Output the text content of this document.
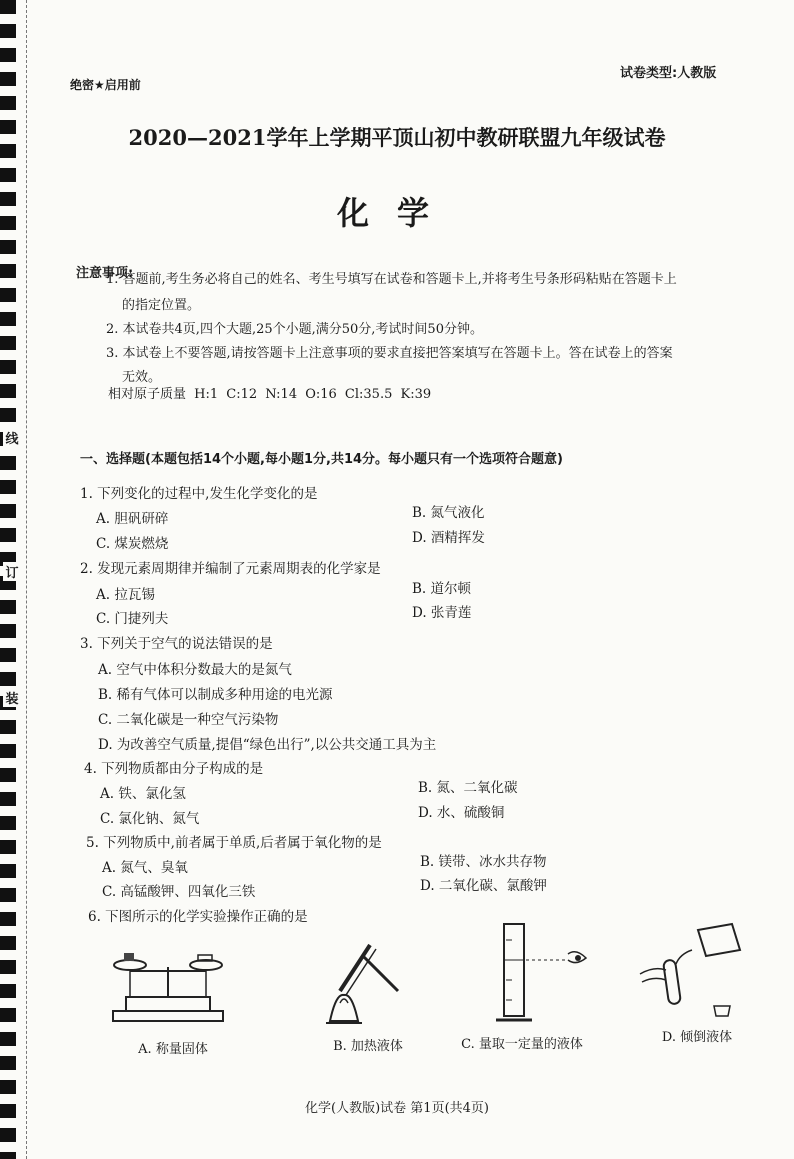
线
订
装
绝密★启用前
试卷类型:人教版
2020—2021学年上学期平顶山初中教研联盟九年级试卷
化学
注意事项:
1. 答题前,考生务必将自己的姓名、考生号填写在试卷和答题卡上,并将考生号条形码粘贴在答题卡上
的指定位置。
2. 本试卷共4页,四个大题,25个小题,满分50分,考试时间50分钟。
3. 本试卷上不要答题,请按答题卡上注意事项的要求直接把答案填写在答题卡上。答在试卷上的答案
无效。
相对原子质量 H:1 C:12 N:14 O:16 Cl:35.5 K:39
一、选择题(本题包括14个小题,每小题1分,共14分。每小题只有一个选项符合题意)
1. 下列变化的过程中,发生化学变化的是
A. 胆矾研碎	B. 氮气液化
C. 煤炭燃烧	D. 酒精挥发
2. 发现元素周期律并编制了元素周期表的化学家是
A. 拉瓦锡	B. 道尔顿
C. 门捷列夫	D. 张青莲
3. 下列关于空气的说法错误的是
A. 空气中体积分数最大的是氮气
B. 稀有气体可以制成多种用途的电光源
C. 二氧化碳是一种空气污染物
D. 为改善空气质量,提倡“绿色出行”,以公共交通工具为主
4. 下列物质都由分子构成的是
A. 铁、氯化氢	B. 氮、二氧化碳
C. 氯化钠、氮气	D. 水、硫酸铜
5. 下列物质中,前者属于单质,后者属于氧化物的是
A. 氮气、臭氧	B. 镁带、冰水共存物
C. 高锰酸钾、四氧化三铁	D. 二氧化碳、氯酸钾
6. 下图所示的化学实验操作正确的是
A. 称量固体	B. 加热液体	C. 量取一定量的液体	D. 倾倒液体
化学(人教版)试卷 第1页(共4页)
